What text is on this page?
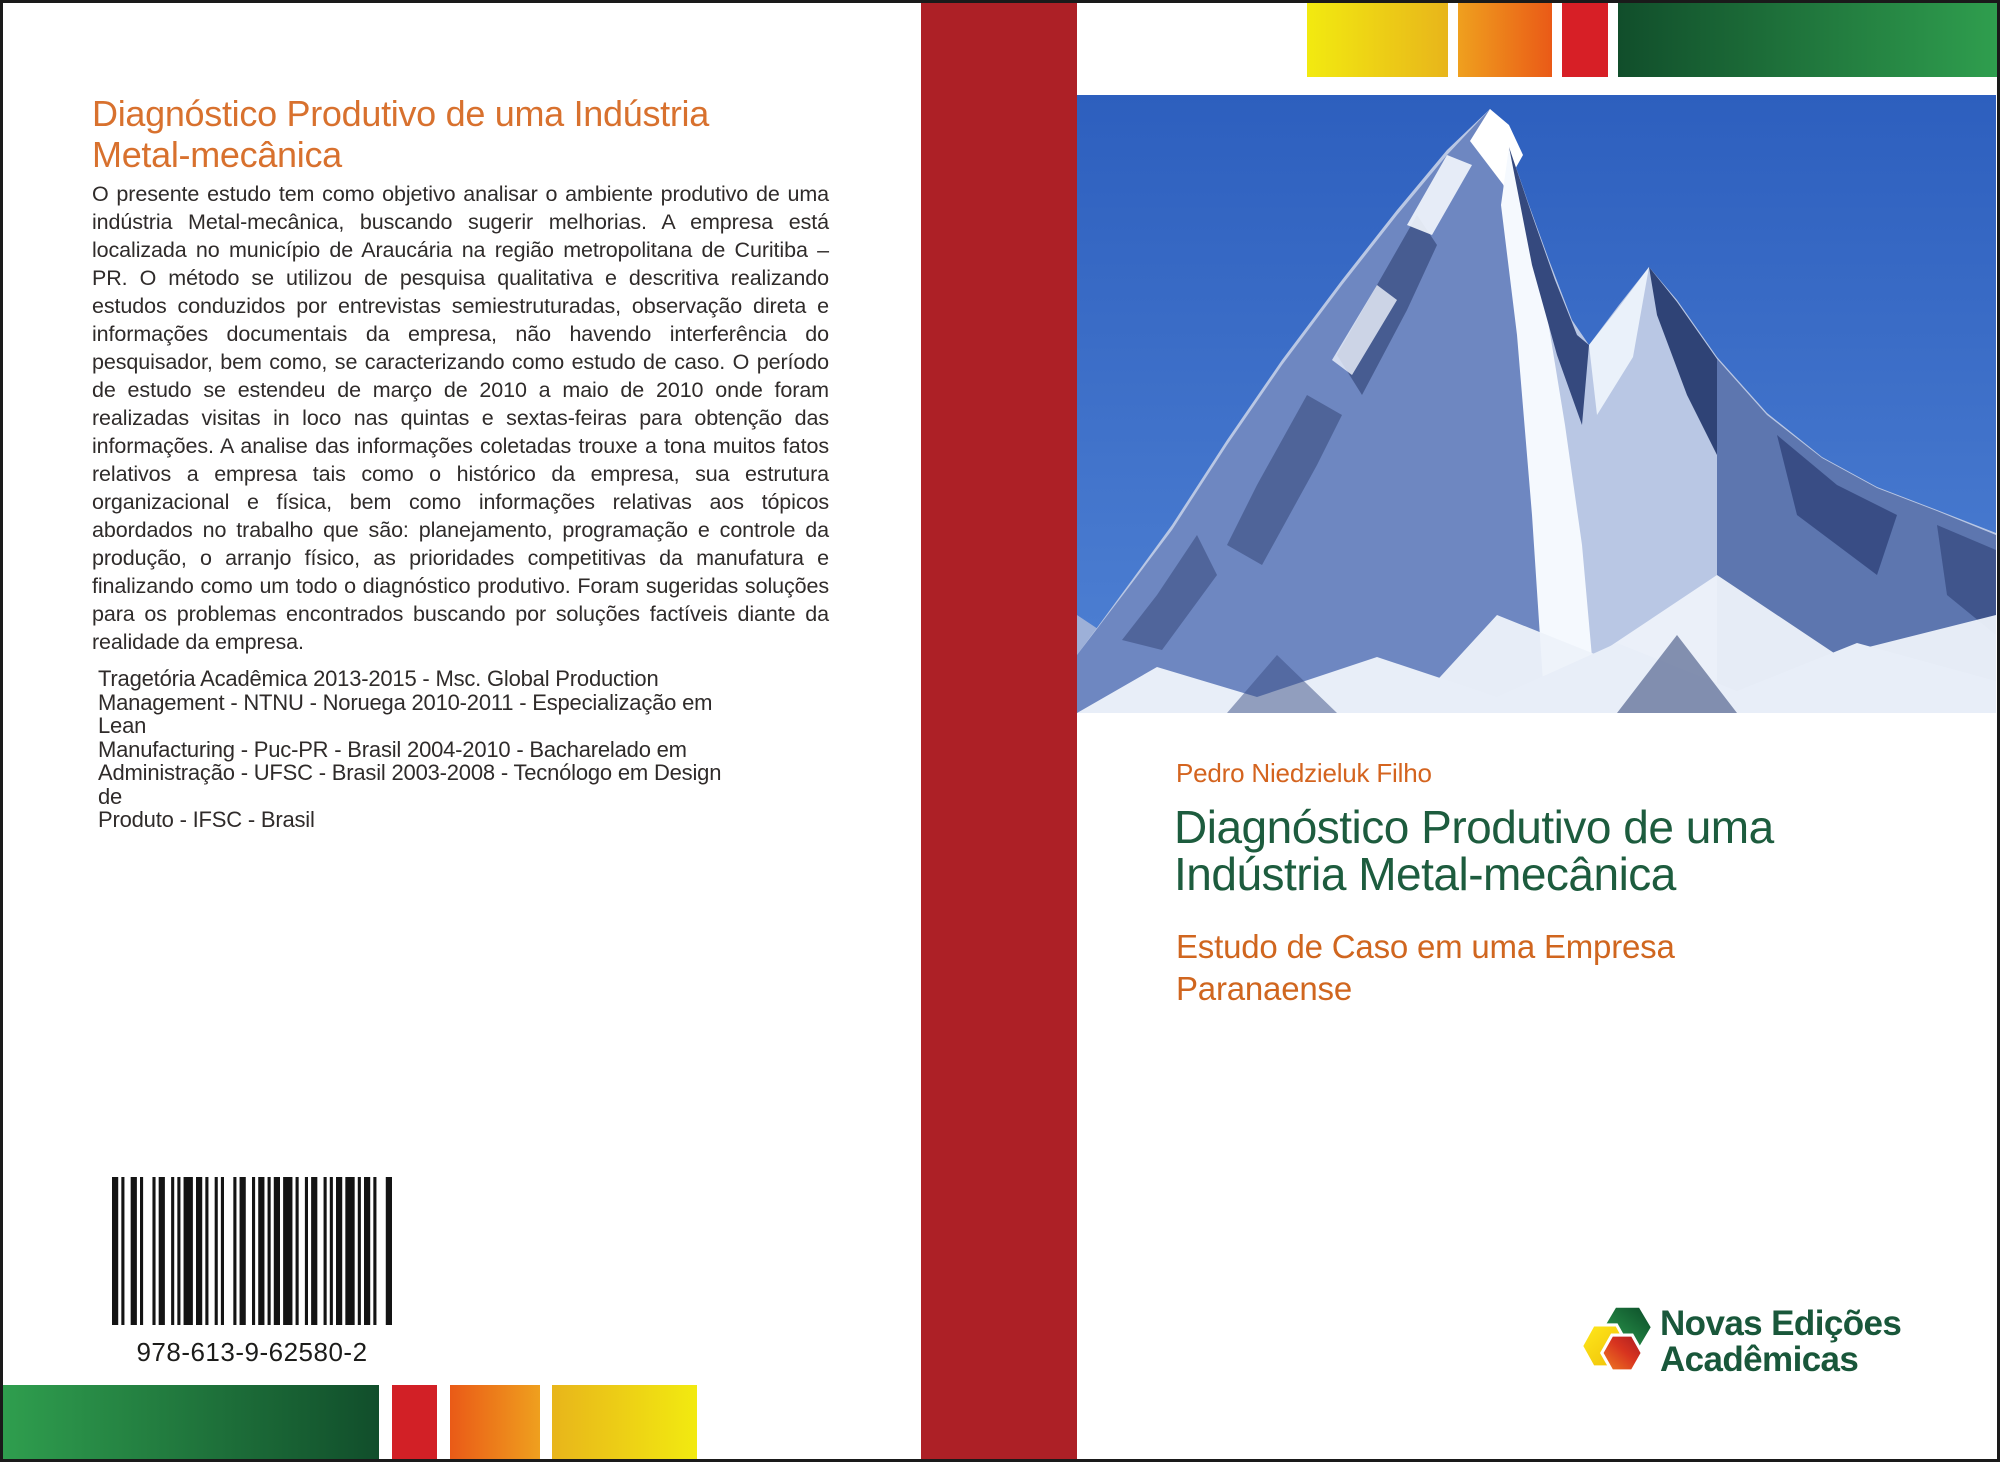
Diagnóstico Produtivo de uma Indústria
Metal-mecânica

O presente estudo tem como objetivo analisar o ambiente produtivo de uma indústria Metal-mecânica, buscando sugerir melhorias. A empresa está localizada no município de Araucária na região metropolitana de Curitiba – PR. O método se utilizou de pesquisa qualitativa e descritiva realizando estudos conduzidos por entrevistas semiestruturadas, observação direta e informações documentais da empresa, não havendo interferência do pesquisador, bem como, se caracterizando como estudo de caso. O período de estudo se estendeu de março de 2010 a maio de 2010 onde foram realizadas visitas in loco nas quintas e sextas-feiras para obtenção das informações. A analise das informações coletadas trouxe a tona muitos fatos relativos a empresa tais como o histórico da empresa, sua estrutura organizacional e física, bem como informações relativas aos tópicos abordados no trabalho que são: planejamento, programação e controle da produção, o arranjo físico, as prioridades competitivas da manufatura e finalizando como um todo o diagnóstico produtivo. Foram sugeridas soluções para os problemas encontrados buscando por soluções factíveis diante da realidade da empresa.

Tragetória Acadêmica 2013-2015 - Msc. Global Production
Management - NTNU - Noruega 2010-2011 - Especialização em Lean
Manufacturing - Puc-PR - Brasil 2004-2010 - Bacharelado em
Administração - UFSC - Brasil 2003-2008 - Tecnólogo em Design de
Produto - IFSC - Brasil
978-613-9-62580-2
Pedro Niedzieluk Filho
Diagnóstico Produtivo de uma
Indústria Metal-mecânica
Estudo de Caso em uma Empresa
Paranaense
Novas Edições
Acadêmicas
